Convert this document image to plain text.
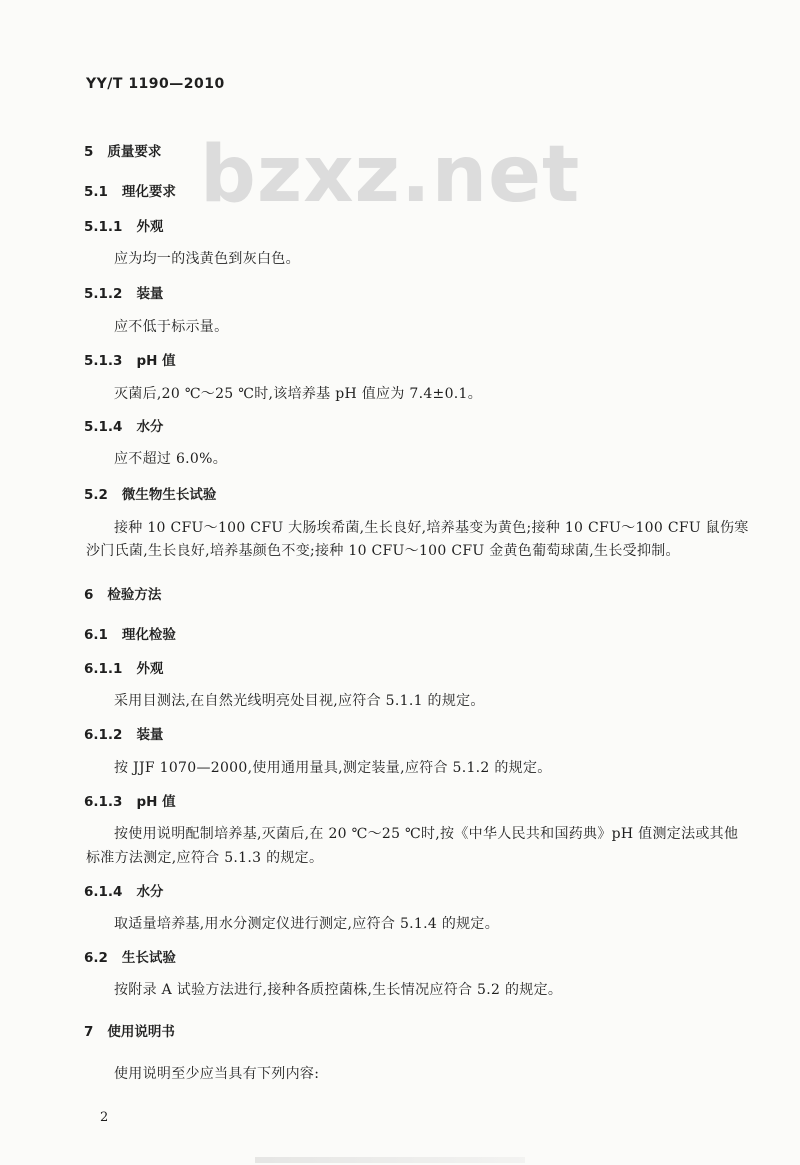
YY/T 1190—2010
bzxz.net
5 质量要求
5.1 理化要求
5.1.1 外观
应为均一的浅黄色到灰白色。
5.1.2 装量
应不低于标示量。
5.1.3 pH 值
灭菌后,20 ℃～25 ℃时,该培养基 pH 值应为 7.4±0.1。
5.1.4 水分
应不超过 6.0%。
5.2 微生物生长试验
接种 10 CFU～100 CFU 大肠埃希菌,生长良好,培养基变为黄色;接种 10 CFU～100 CFU 鼠伤寒
沙门氏菌,生长良好,培养基颜色不变;接种 10 CFU～100 CFU 金黄色葡萄球菌,生长受抑制。
6 检验方法
6.1 理化检验
6.1.1 外观
采用目测法,在自然光线明亮处目视,应符合 5.1.1 的规定。
6.1.2 装量
按 JJF 1070—2000,使用通用量具,测定装量,应符合 5.1.2 的规定。
6.1.3 pH 值
按使用说明配制培养基,灭菌后,在 20 ℃～25 ℃时,按《中华人民共和国药典》pH 值测定法或其他
标准方法测定,应符合 5.1.3 的规定。
6.1.4 水分
取适量培养基,用水分测定仪进行测定,应符合 5.1.4 的规定。
6.2 生长试验
按附录 A 试验方法进行,接种各质控菌株,生长情况应符合 5.2 的规定。
7 使用说明书
使用说明至少应当具有下列内容:
2
